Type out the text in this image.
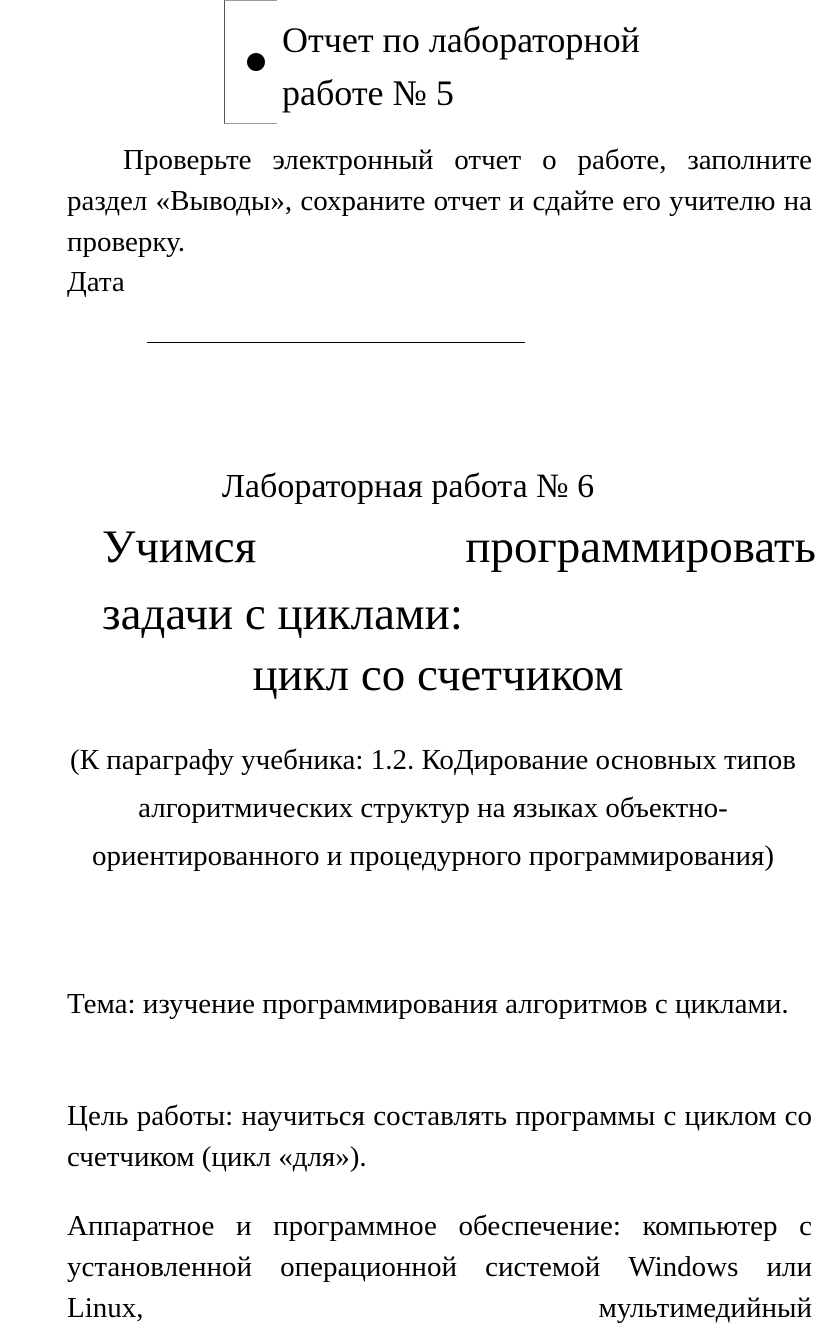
Отчет по лабораторной
работе № 5
Проверьте электронный отчет о работе, заполните раздел «Выводы», сохраните отчет и сдайте его учителю на проверку.
Дата
Лабораторная работа № 6
Учимся	программировать
задачи с циклами:
цикл со счетчиком
(К параграфу учебника: 1.2. КоДирование основных типов алгоритмических структур на языках объектно-ориентированного и процедурного программирования)
Тема: изучение программирования алгоритмов с циклами.
Цель работы: научиться составлять программы с циклом со счетчиком (цикл «для»).
Аппаратное и программное обеспечение: компьютер с установленной операционной системой Windows или Linux, мультимедийный
